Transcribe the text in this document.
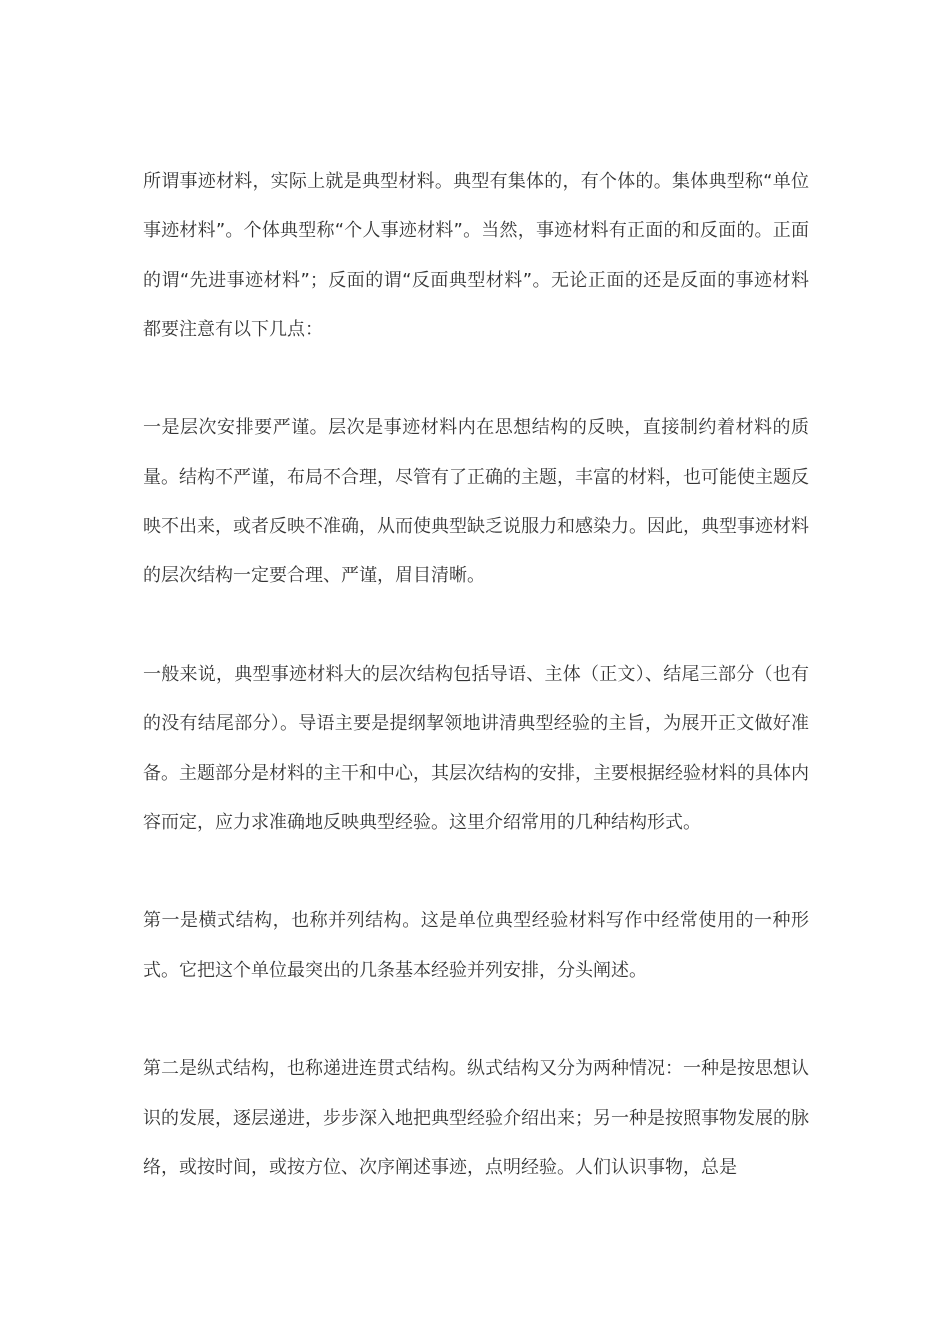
所谓事迹材料，实际上就是典型材料。典型有集体的，有个体的。集体典型称“单位事迹材料”。个体典型称“个人事迹材料”。当然，事迹材料有正面的和反面的。正面的谓“先进事迹材料”；反面的谓“反面典型材料”。无论正面的还是反面的事迹材料都要注意有以下几点：

一是层次安排要严谨。层次是事迹材料内在思想结构的反映，直接制约着材料的质量。结构不严谨，布局不合理，尽管有了正确的主题，丰富的材料，也可能使主题反映不出来，或者反映不准确，从而使典型缺乏说服力和感染力。因此，典型事迹材料的层次结构一定要合理、严谨，眉目清晰。

一般来说，典型事迹材料大的层次结构包括导语、主体（正文）、结尾三部分（也有的没有结尾部分）。导语主要是提纲挈领地讲清典型经验的主旨，为展开正文做好准备。主题部分是材料的主干和中心，其层次结构的安排，主要根据经验材料的具体内容而定，应力求准确地反映典型经验。这里介绍常用的几种结构形式。

第一是横式结构，也称并列结构。这是单位典型经验材料写作中经常使用的一种形式。它把这个单位最突出的几条基本经验并列安排，分头阐述。

第二是纵式结构，也称递进连贯式结构。纵式结构又分为两种情况：一种是按思想认识的发展，逐层递进，步步深入地把典型经验介绍出来；另一种是按照事物发展的脉络，或按时间，或按方位、次序阐述事迹，点明经验。人们认识事物，总是
